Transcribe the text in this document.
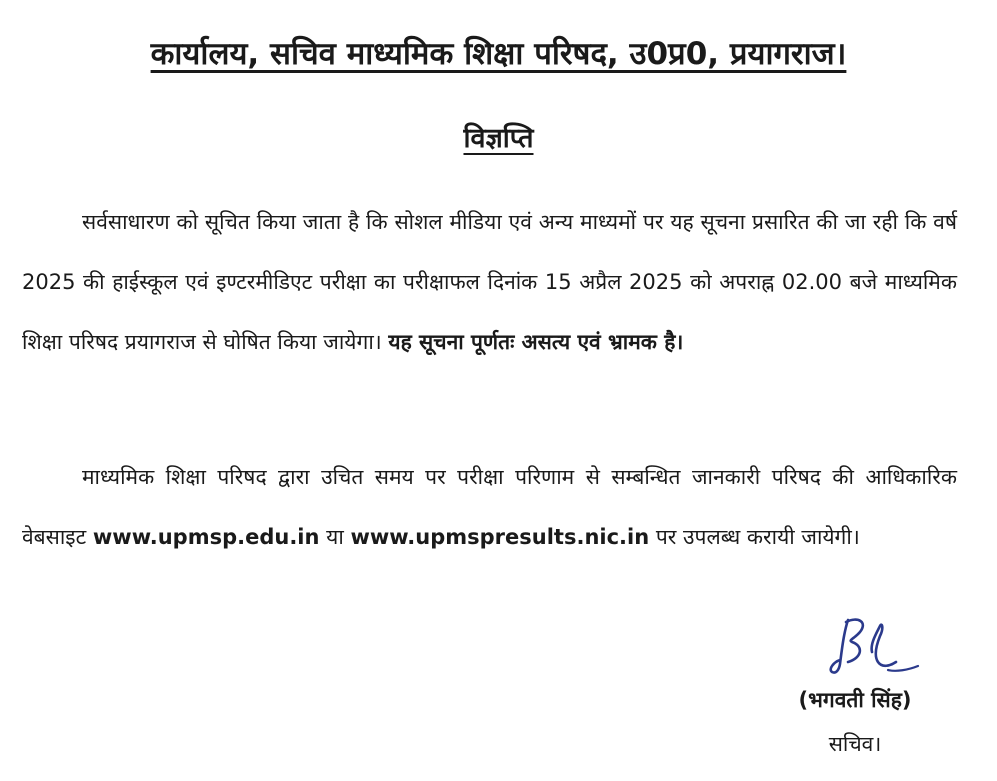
कार्यालय, सचिव माध्यमिक शिक्षा परिषद, उ0प्र0, प्रयागराज।
विज्ञप्ति

सर्वसाधारण को सूचित किया जाता है कि सोशल मीडिया एवं अन्य माध्यमों पर यह सूचना प्रसारित की जा रही कि वर्ष 2025 की हाईस्कूल एवं इण्टरमीडिएट परीक्षा का परीक्षाफल दिनांक 15 अप्रैल 2025 को अपराह्न 02.00 बजे माध्यमिक शिक्षा परिषद प्रयागराज से घोषित किया जायेगा। यह सूचना पूर्णतः असत्य एवं भ्रामक है।

माध्यमिक शिक्षा परिषद द्वारा उचित समय पर परीक्षा परिणाम से सम्बन्धित जानकारी परिषद की आधिकारिक वेबसाइट www.upmsp.edu.in या www.upmspresults.nic.in पर उपलब्ध करायी जायेगी।

(भगवती सिंह)
सचिव।
